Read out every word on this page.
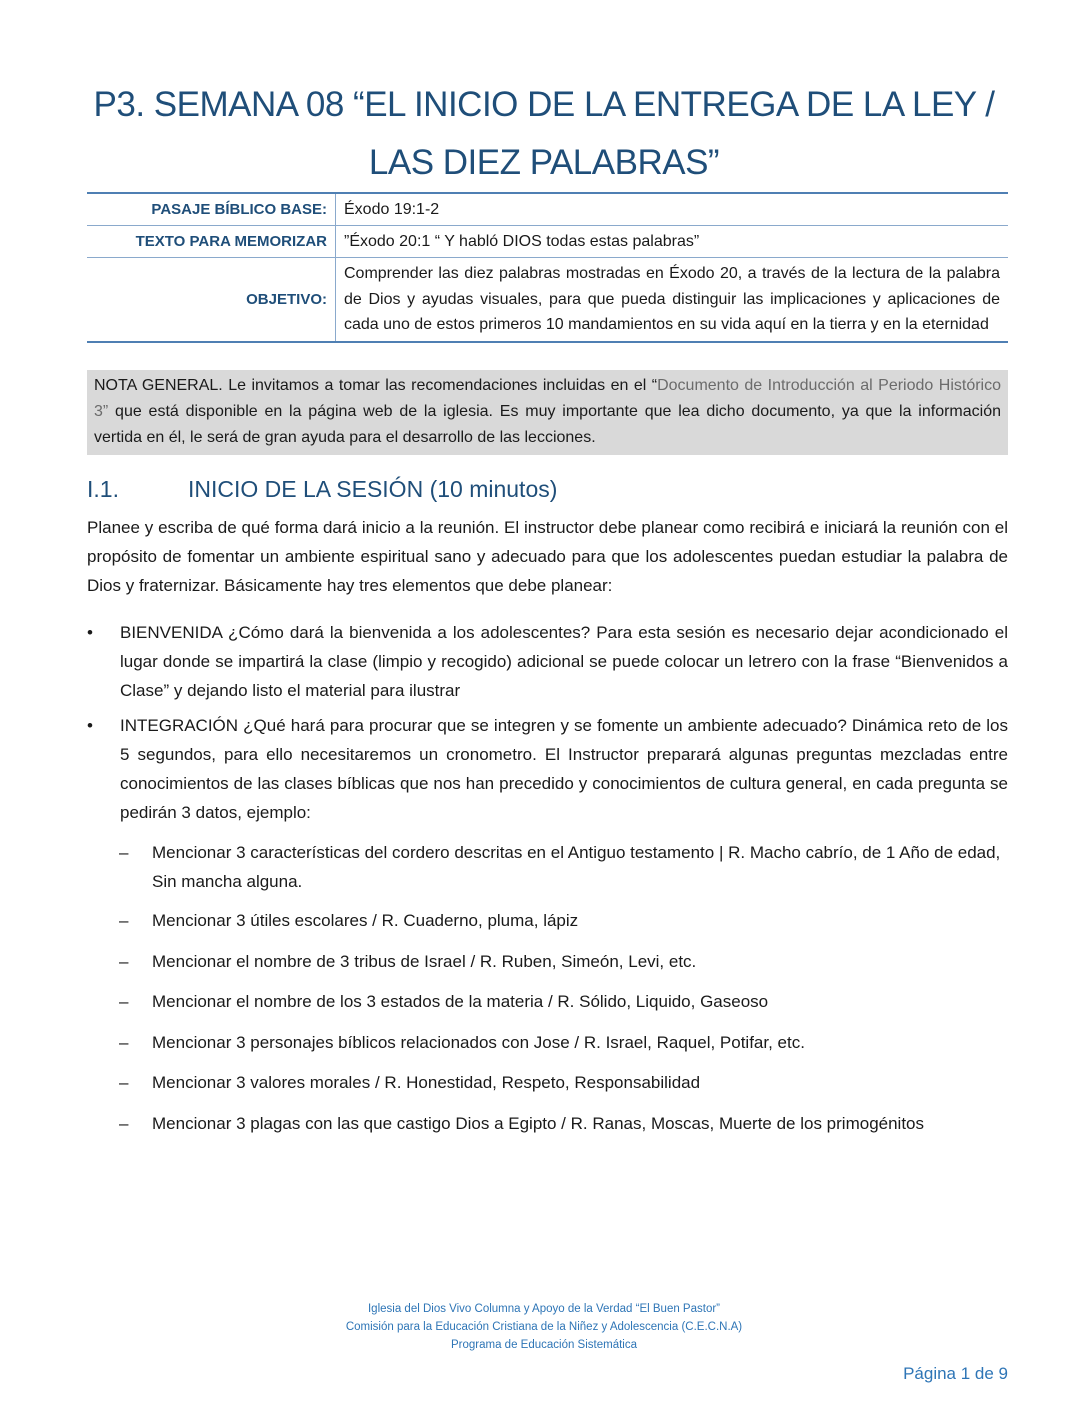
P3. SEMANA 08 “EL INICIO DE LA ENTREGA DE LA LEY /
LAS DIEZ PALABRAS”
PASAJE BÍBLICO BASE:	Éxodo 19:1-2
TEXTO PARA MEMORIZAR	”Éxodo 20:1 “ Y habló DIOS todas estas palabras”
OBJETIVO:	Comprender las diez palabras mostradas en Éxodo 20, a través de la lectura de la palabra de Dios y ayudas visuales, para que pueda distinguir las implicaciones y aplicaciones de cada uno de estos primeros 10 mandamientos en su vida aquí en la tierra y en la eternidad
NOTA GENERAL. Le invitamos a tomar las recomendaciones incluidas en el “Documento de Introducción al Periodo Histórico 3” que está disponible en la página web de la iglesia. Es muy importante que lea dicho documento, ya que la información vertida en él, le será de gran ayuda para el desarrollo de las lecciones.
I.1.	INICIO DE LA SESIÓN (10 minutos)
Planee y escriba de qué forma dará inicio a la reunión. El instructor debe planear como recibirá e iniciará la reunión con el propósito de fomentar un ambiente espiritual sano y adecuado para que los adolescentes puedan estudiar la palabra de Dios y fraternizar. Básicamente hay tres elementos que debe planear:
•	BIENVENIDA ¿Cómo dará la bienvenida a los adolescentes? Para esta sesión es necesario dejar acondicionado el lugar donde se impartirá la clase (limpio y recogido) adicional se puede colocar un letrero con la frase “Bienvenidos a Clase” y dejando listo el material para ilustrar
•	INTEGRACIÓN ¿Qué hará para procurar que se integren y se fomente un ambiente adecuado? Dinámica reto de los 5 segundos, para ello necesitaremos un cronometro. El Instructor preparará algunas preguntas mezcladas entre conocimientos de las clases bíblicas que nos han precedido y conocimientos de cultura general, en cada pregunta se pedirán 3 datos, ejemplo:
– Mencionar 3 características del cordero descritas en el Antiguo testamento | R. Macho cabrío, de 1 Año de edad, Sin mancha alguna.
– Mencionar 3 útiles escolares / R. Cuaderno, pluma, lápiz
– Mencionar el nombre de 3 tribus de Israel / R. Ruben, Simeón, Levi, etc.
– Mencionar el nombre de los 3 estados de la materia / R. Sólido, Liquido, Gaseoso
– Mencionar 3 personajes bíblicos relacionados con Jose / R. Israel, Raquel, Potifar, etc.
– Mencionar 3 valores morales / R. Honestidad, Respeto, Responsabilidad
– Mencionar 3 plagas con las que castigo Dios a Egipto / R. Ranas, Moscas, Muerte de los primogénitos
Iglesia del Dios Vivo Columna y Apoyo de la Verdad “El Buen Pastor”
Comisión para la Educación Cristiana de la Niñez y Adolescencia (C.E.C.N.A)
Programa de Educación Sistemática
Página 1 de 9
